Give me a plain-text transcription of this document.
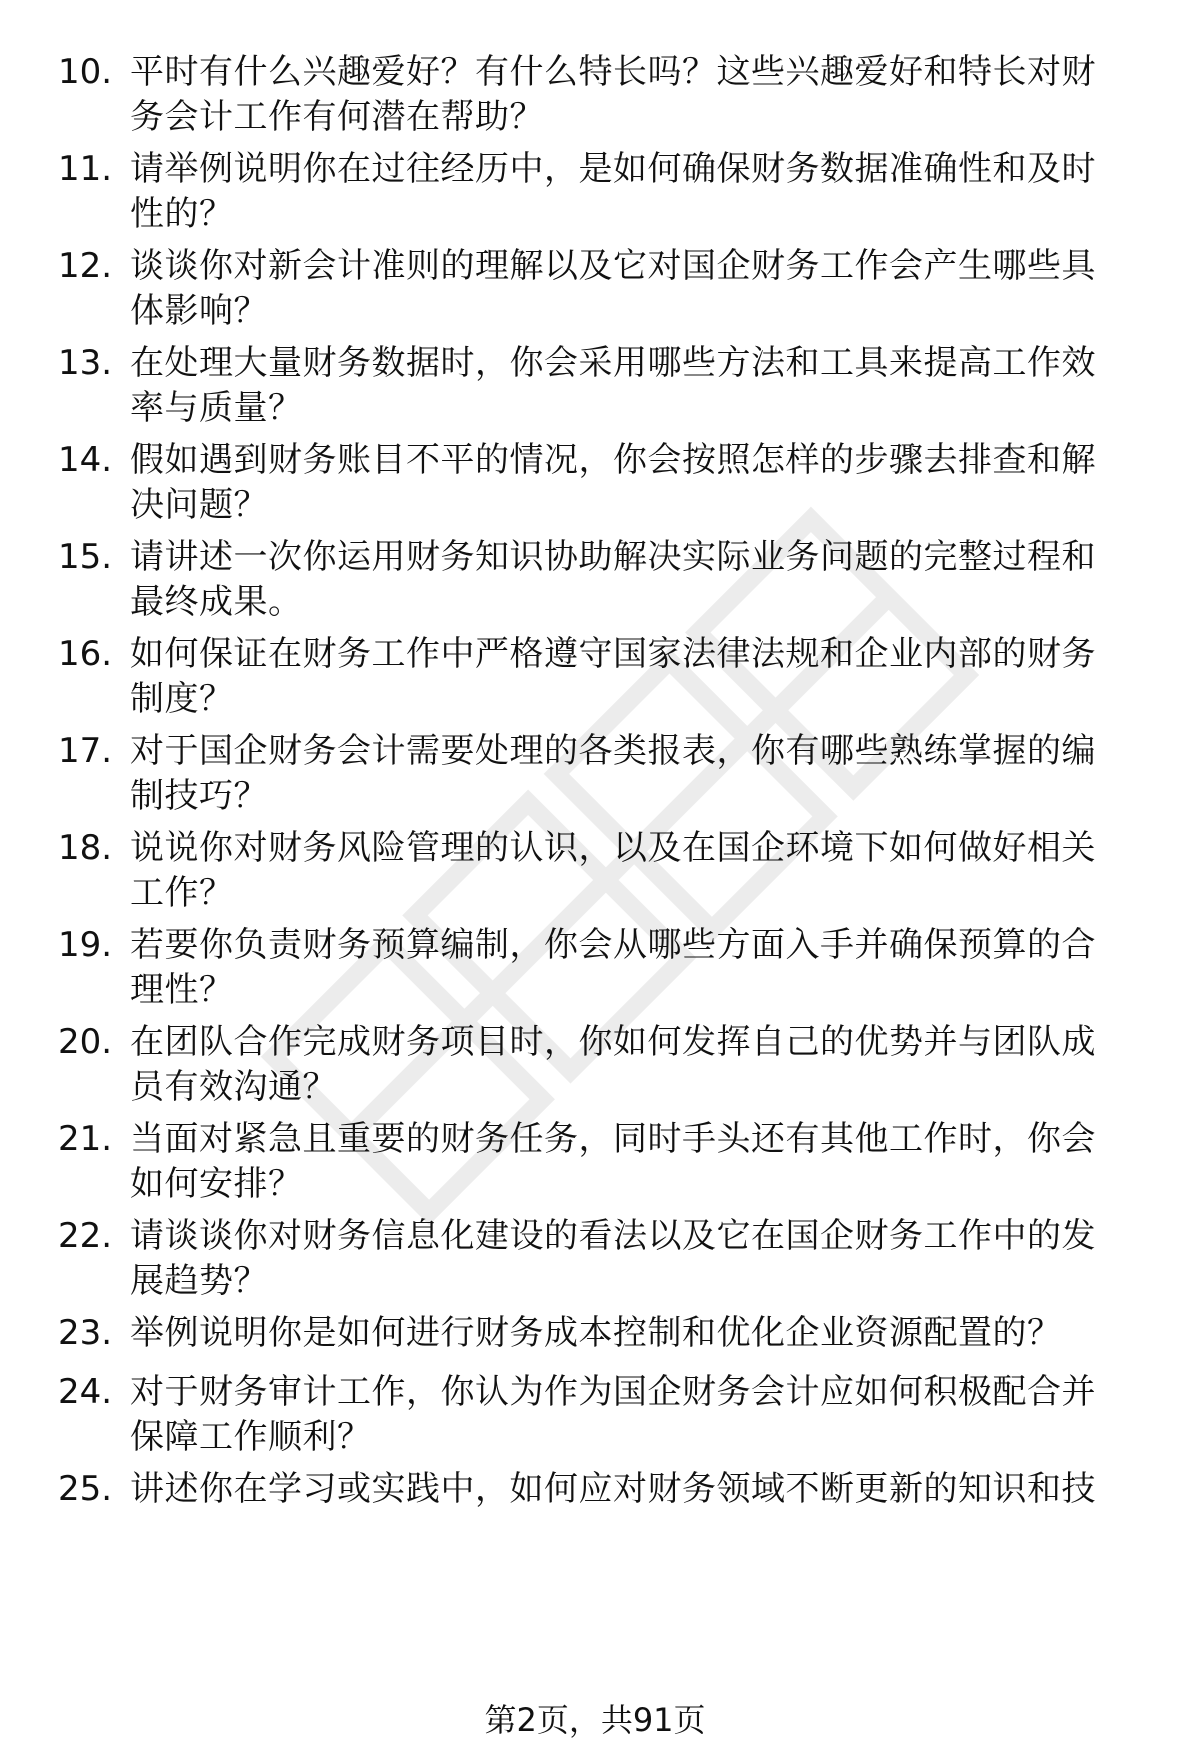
10. 平时有什么兴趣爱好？有什么特长吗？这些兴趣爱好和特长对财
务会计工作有何潜在帮助？
11. 请举例说明你在过往经历中，是如何确保财务数据准确性和及时
性的？
12. 谈谈你对新会计准则的理解以及它对国企财务工作会产生哪些具
体影响？
13. 在处理大量财务数据时，你会采用哪些方法和工具来提高工作效
率与质量？
14. 假如遇到财务账目不平的情况，你会按照怎样的步骤去排查和解
决问题？
15. 请讲述一次你运用财务知识协助解决实际业务问题的完整过程和
最终成果。
16. 如何保证在财务工作中严格遵守国家法律法规和企业内部的财务
制度？
17. 对于国企财务会计需要处理的各类报表，你有哪些熟练掌握的编
制技巧？
18. 说说你对财务风险管理的认识，以及在国企环境下如何做好相关
工作？
19. 若要你负责财务预算编制，你会从哪些方面入手并确保预算的合
理性？
20. 在团队合作完成财务项目时，你如何发挥自己的优势并与团队成
员有效沟通？
21. 当面对紧急且重要的财务任务，同时手头还有其他工作时，你会
如何安排？
22. 请谈谈你对财务信息化建设的看法以及它在国企财务工作中的发
展趋势？
23. 举例说明你是如何进行财务成本控制和优化企业资源配置的？
24. 对于财务审计工作，你认为作为国企财务会计应如何积极配合并
保障工作顺利？
25. 讲述你在学习或实践中，如何应对财务领域不断更新的知识和技
第2页，共91页
